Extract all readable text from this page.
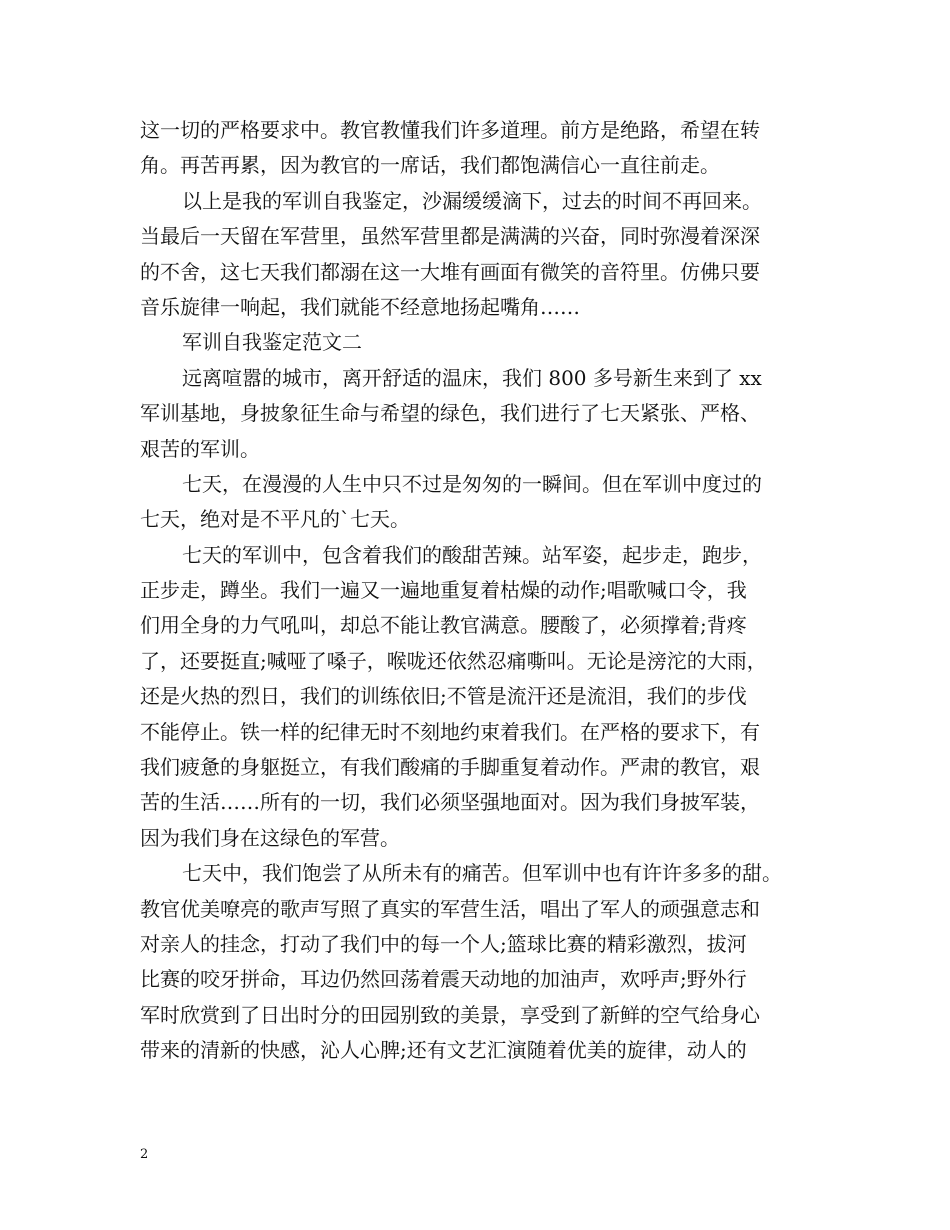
这一切的严格要求中。教官教懂我们许多道理。前方是绝路，希望在转
角。再苦再累，因为教官的一席话，我们都饱满信心一直往前走。
以上是我的军训自我鉴定，沙漏缓缓滴下，过去的时间不再回来。
当最后一天留在军营里，虽然军营里都是满满的兴奋，同时弥漫着深深
的不舍，这七天我们都溺在这一大堆有画面有微笑的音符里。仿佛只要
音乐旋律一响起，我们就能不经意地扬起嘴角……
军训自我鉴定范文二
远离喧嚣的城市，离开舒适的温床，我们 800 多号新生来到了 xx
军训基地，身披象征生命与希望的绿色，我们进行了七天紧张、严格、
艰苦的军训。
七天，在漫漫的人生中只不过是匆匆的一瞬间。但在军训中度过的
七天，绝对是不平凡的`七天。
七天的军训中，包含着我们的酸甜苦辣。站军姿，起步走，跑步，
正步走，蹲坐。我们一遍又一遍地重复着枯燥的动作;唱歌喊口令，我
们用全身的力气吼叫，却总不能让教官满意。腰酸了，必须撑着;背疼
了，还要挺直;喊哑了嗓子，喉咙还依然忍痛嘶叫。无论是滂沱的大雨，
还是火热的烈日，我们的训练依旧;不管是流汗还是流泪，我们的步伐
不能停止。铁一样的纪律无时不刻地约束着我们。在严格的要求下，有
我们疲惫的身躯挺立，有我们酸痛的手脚重复着动作。严肃的教官，艰
苦的生活……所有的一切，我们必须坚强地面对。因为我们身披军装，
因为我们身在这绿色的军营。
七天中，我们饱尝了从所未有的痛苦。但军训中也有许许多多的甜。
教官优美嘹亮的歌声写照了真实的军营生活，唱出了军人的顽强意志和
对亲人的挂念，打动了我们中的每一个人;篮球比赛的精彩激烈，拔河
比赛的咬牙拼命，耳边仍然回荡着震天动地的加油声，欢呼声;野外行
军时欣赏到了日出时分的田园别致的美景，享受到了新鲜的空气给身心
带来的清新的快感，沁人心脾;还有文艺汇演随着优美的旋律，动人的
2
